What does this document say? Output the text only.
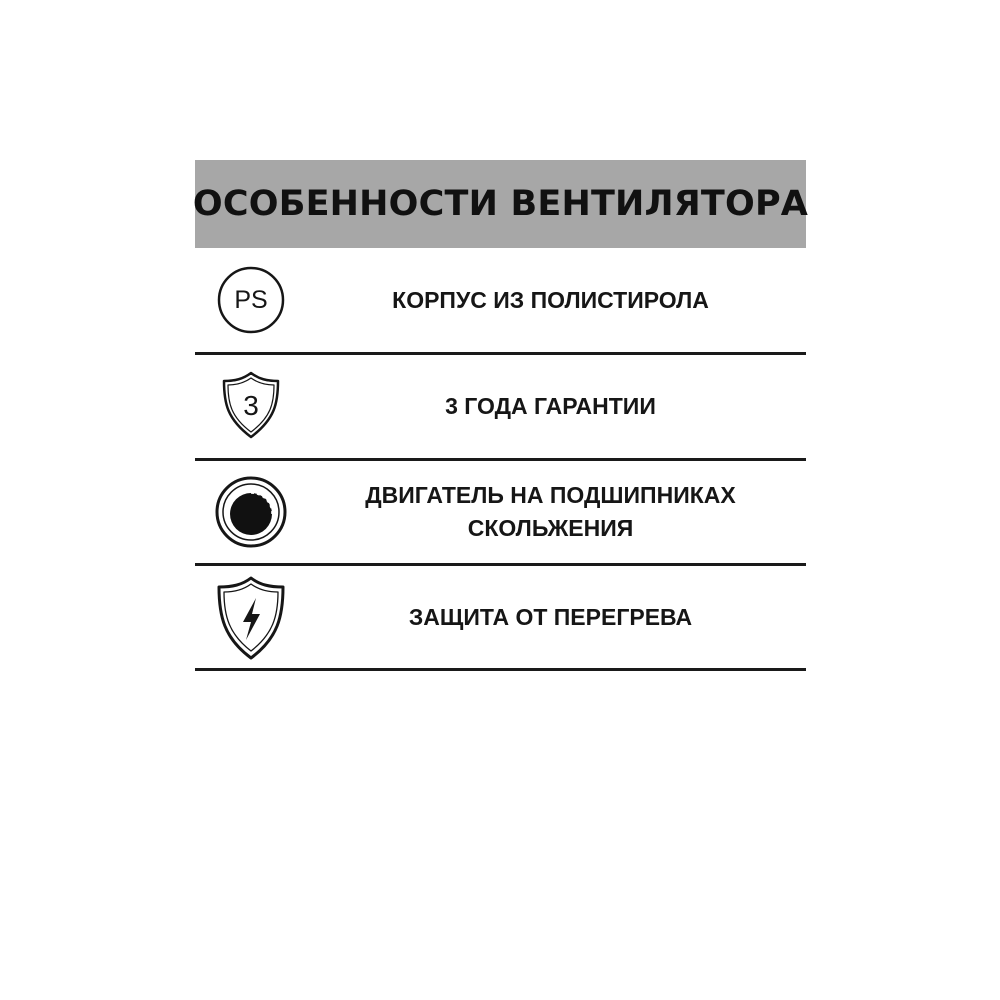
ОСОБЕННОСТИ ВЕНТИЛЯТОРА
PS	КОРПУС ИЗ ПОЛИСТИРОЛА
3	3 ГОДА ГАРАНТИИ
ДВИГАТЕЛЬ НА ПОДШИПНИКАХ
СКОЛЬЖЕНИЯ
ЗАЩИТА ОТ ПЕРЕГРЕВА
